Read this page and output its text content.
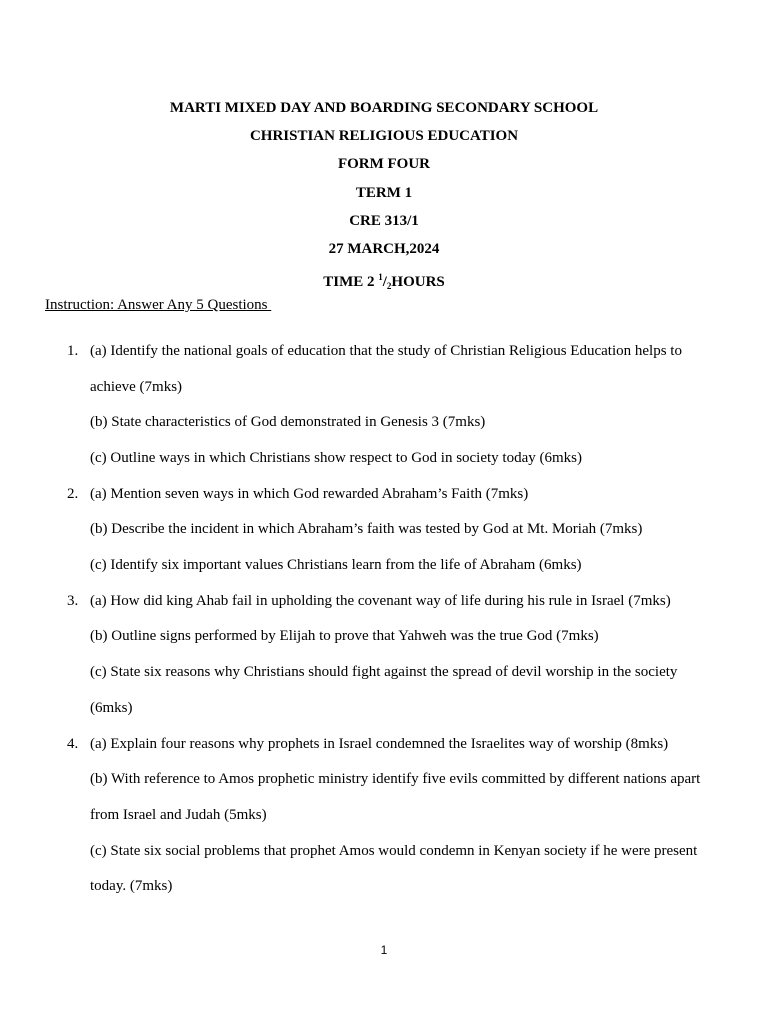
MARTI MIXED DAY AND BOARDING SECONDARY SCHOOL
CHRISTIAN RELIGIOUS EDUCATION
FORM FOUR
TERM 1
CRE 313/1
27 MARCH,2024
TIME 2 $^1/_2HOURS$
Instruction: Answer Any 5 Questions
1. (a) Identify the national goals of education that the study of Christian Religious Education helps to
achieve (7mks)
(b) State characteristics of God demonstrated in Genesis 3 (7mks)
(c) Outline ways in which Christians show respect to God in society today (6mks)
2. (a) Mention seven ways in which God rewarded Abraham’s Faith (7mks)
(b) Describe the incident in which Abraham’s faith was tested by God at Mt. Moriah (7mks)
(c) Identify six important values Christians learn from the life of Abraham (6mks)
3. (a) How did king Ahab fail in upholding the covenant way of life during his rule in Israel (7mks)
(b) Outline signs performed by Elijah to prove that Yahweh was the true God (7mks)
(c) State six reasons why Christians should fight against the spread of devil worship in the society
(6mks)
4. (a) Explain four reasons why prophets in Israel condemned the Israelites way of worship (8mks)
(b) With reference to Amos prophetic ministry identify five evils committed by different nations apart
from Israel and Judah (5mks)
(c) State six social problems that prophet Amos would condemn in Kenyan society if he were present
today. (7mks)
1
